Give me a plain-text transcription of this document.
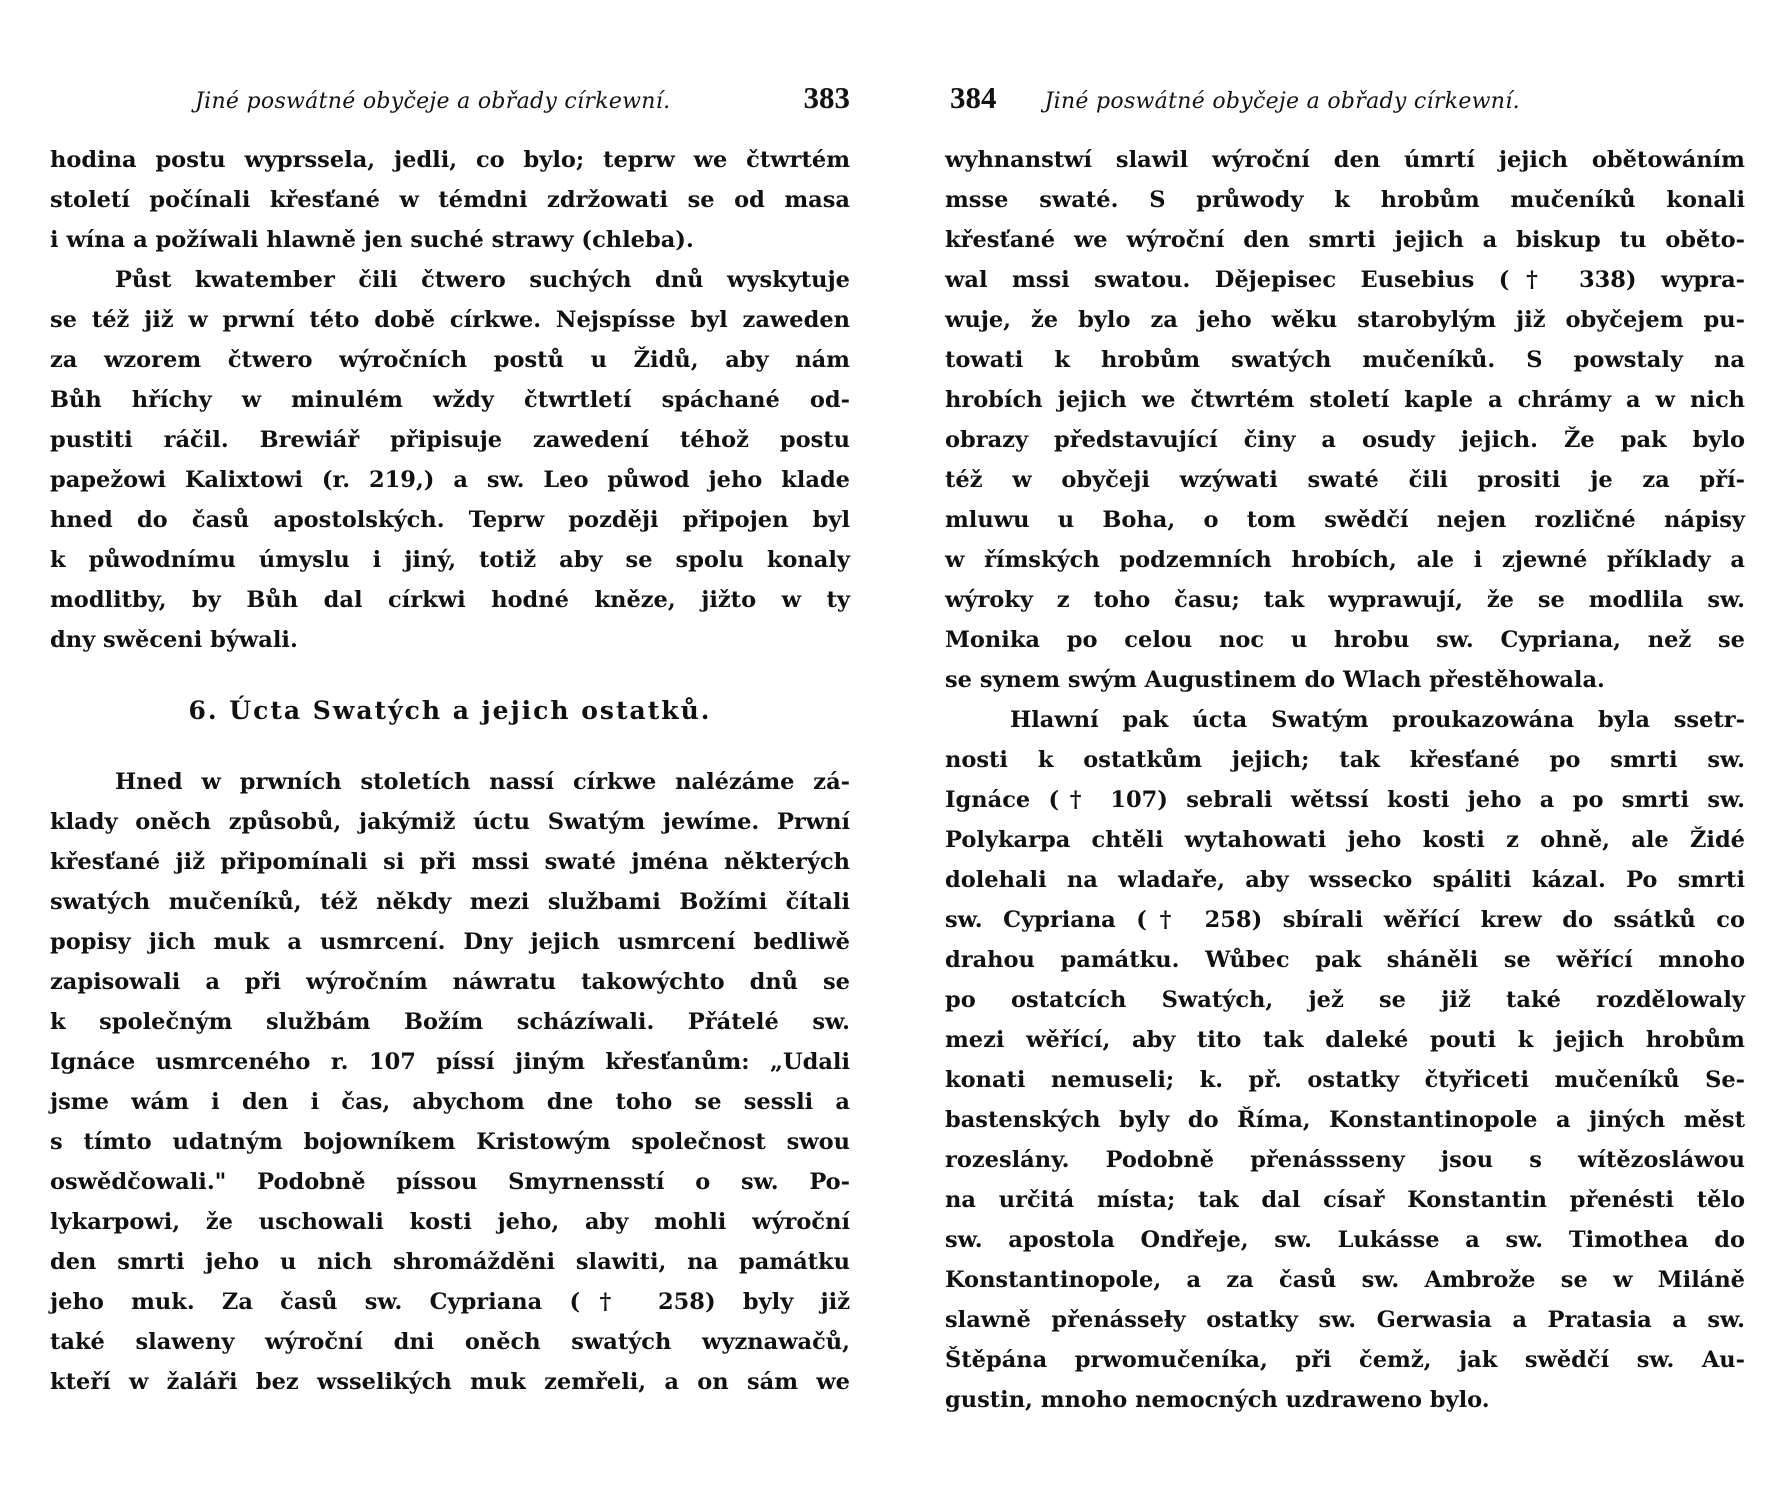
Jiné poswátné obyčeje a obřady církewní.	383
hodina postu wyprssela, jedli, co bylo; teprw we čtwrtém
století počínali křesťané w témdni zdržowati se od masa
i wína a požíwali hlawně jen suché strawy (chleba).
Půst kwatember čili čtwero suchých dnů wyskytuje
se též již w prwní této době církwe. Nejspísse byl zaweden
za wzorem čtwero wýročních postů u Židů, aby nám
Bůh hříchy w minulém wždy čtwrtletí spáchané od-
pustiti ráčil. Brewiář připisuje zawedení téhož postu
papežowi Kalixtowi (r. 219,) a sw. Leo půwod jeho klade
hned do časů apostolských. Teprw později připojen byl
k půwodnímu úmyslu i jiný, totiž aby se spolu konaly
modlitby, by Bůh dal církwi hodné kněze, jižto w ty
dny swěceni býwali.
6. Úcta Swatých a jejich ostatků.
Hned w prwních stoletích nassí církwe nalézáme zá-
klady oněch způsobů, jakýmiž úctu Swatým jewíme. Prwní
křesťané již připomínali si při mssi swaté jména některých
swatých mučeníků, též někdy mezi službami Božími čítali
popisy jich muk a usmrcení. Dny jejich usmrcení bedliwě
zapisowali a při wýročním náwratu takowýchto dnů se
k společným službám Božím scházíwali. Přátelé sw.
Ignáce usmrceného r. 107 píssí jiným křesťanům: „Udali
jsme wám i den i čas, abychom dne toho se sessli a
s tímto udatným bojowníkem Kristowým společnost swou
oswědčowali." Podobně píssou Smyrnensstí o sw. Po-
lykarpowi, že uschowali kosti jeho, aby mohli wýroční
den smrti jeho u nich shromážděni slawiti, na památku
jeho muk. Za časů sw. Cypriana († 258) byly již
také slaweny wýroční dni oněch swatých wyznawačů,
kteří w žaláři bez wsselikých muk zemřeli, a on sám we
384 Jiné poswátné obyčeje a obřady církewní.
wyhnanstwí slawil wýroční den úmrtí jejich obětowáním
msse swaté. S průwody k hrobům mučeníků konali
křesťané we wýroční den smrti jejich a biskup tu obětо-
wal mssi swatou. Dějepisec Eusebius († 338) wypra-
wuje, že bylo za jeho wěku starobylým již obyčejem pu-
towati k hrobům swatých mučeníků. S powstaly na
hrobích jejich we čtwrtém století kaple a chrámy a w nich
obrazy představující činy a osudy jejich. Že pak bylo
též w obyčeji wzýwati swaté čili prositi je za pří-
mluwu u Boha, o tom swědčí nejen rozličné nápisy
w římských podzemních hrobích, ale i zjewné příklady a
wýroky z toho času; tak wyprawují, že se modlila sw.
Monika po celou noc u hrobu sw. Cypriana, než se
se synem swým Augustinem do Wlach přestěhowala.
Hlawní pak úcta Swatým proukazowána byla ssetr-
nosti k ostatkům jejich; tak křesťané po smrti sw.
Ignáce († 107) sebrali wětssí kosti jeho a po smrti sw.
Polykarpa chtěli wytahowati jeho kosti z ohně, ale Židé
dolehali na wladaře, aby wssecko spáliti kázal. Po smrti
sw. Cypriana († 258) sbírali wěřící krew do ssátků co
drahou památku. Wůbec pak sháněli se wěřící mnoho
po ostatcích Swatých, jež se již také rozdělowaly
mezi wěřící, aby tito tak daleké pouti k jejich hrobům
konati nemuseli; k. př. ostatky čtyřiceti mučeníků Se-
bastenských byly do Říma, Konstantinopole a jiných měst
rozeslány. Podobně přenássseny jsou s wítězosláwou
na určitá místa; tak dal císař Konstantin přenésti tělo
sw. apostola Ondřeje, sw. Lukásse a sw. Timothea do
Konstantinopole, a za časů sw. Ambrože se w Miláně
slawně přenásseły ostatky sw. Gerwasia a Pratasia a sw.
Štěpána prwomučeníka, při čemž, jak swědčí sw. Au-
gustin, mnoho nemocných uzdraweno bylo.
